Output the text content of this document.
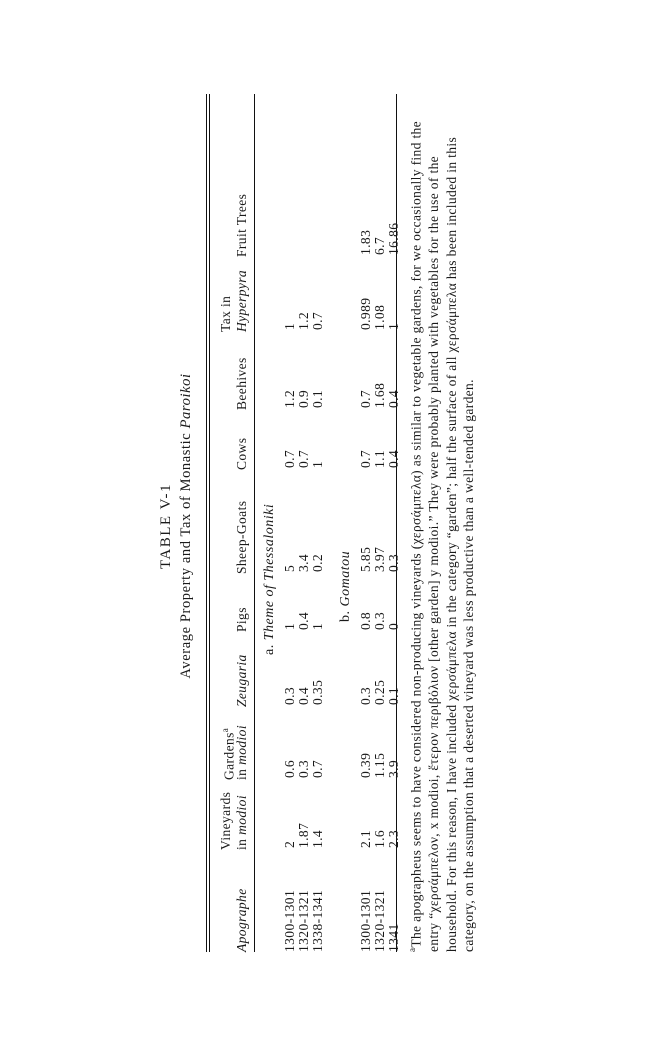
TABLE V-1 Average Property and Tax of Monastic Paroikoi
$^a$The apographeus seems to have considered non-producing vineyards (χερσάμπελα) as similar to vegetable gardens, for we occasionally find the entry “χερσάμπελον, x modioi, ἕτερον περιβόλιον [other garden] y modioi.” They were probably planted with vegetables for the use of the household. For this reason, I have included χερσάμπελα in the category “garden”; half the surface of all χερσάμπελα has been included in this category, on the assumption that a deserted vineyard was less productive than a well-tended garden.
Apographe
Vineyards in modioi
Gardens$^a$
in modioi
Zeugaria
Pigs
Sheep-Goats
Cows
Beehives
Tax in Hyperpyra
Fruit Trees
a. Theme of Thessaloniki
1300-1301
2
0.6
0.3
1
5
0.7
1.2
1
1320-1321
1.87
0.3
0.4
0.4
3.4
0.7
0.9
1.2
1338-1341
1.4
0.7
0.35
1
0.2
1
0.1
0.7
b. Gomatou
1300-1301
2.1
0.39
0.3
0.8
5.85
0.7
0.7
0.989
1.83
1320-1321
1.6
1.15
0.25
0.3
3.97
1.1
1.68
1.08
6.7
1341
2.3
3.9
0.1
0
0.3
0.4
0.4
1
16.86
